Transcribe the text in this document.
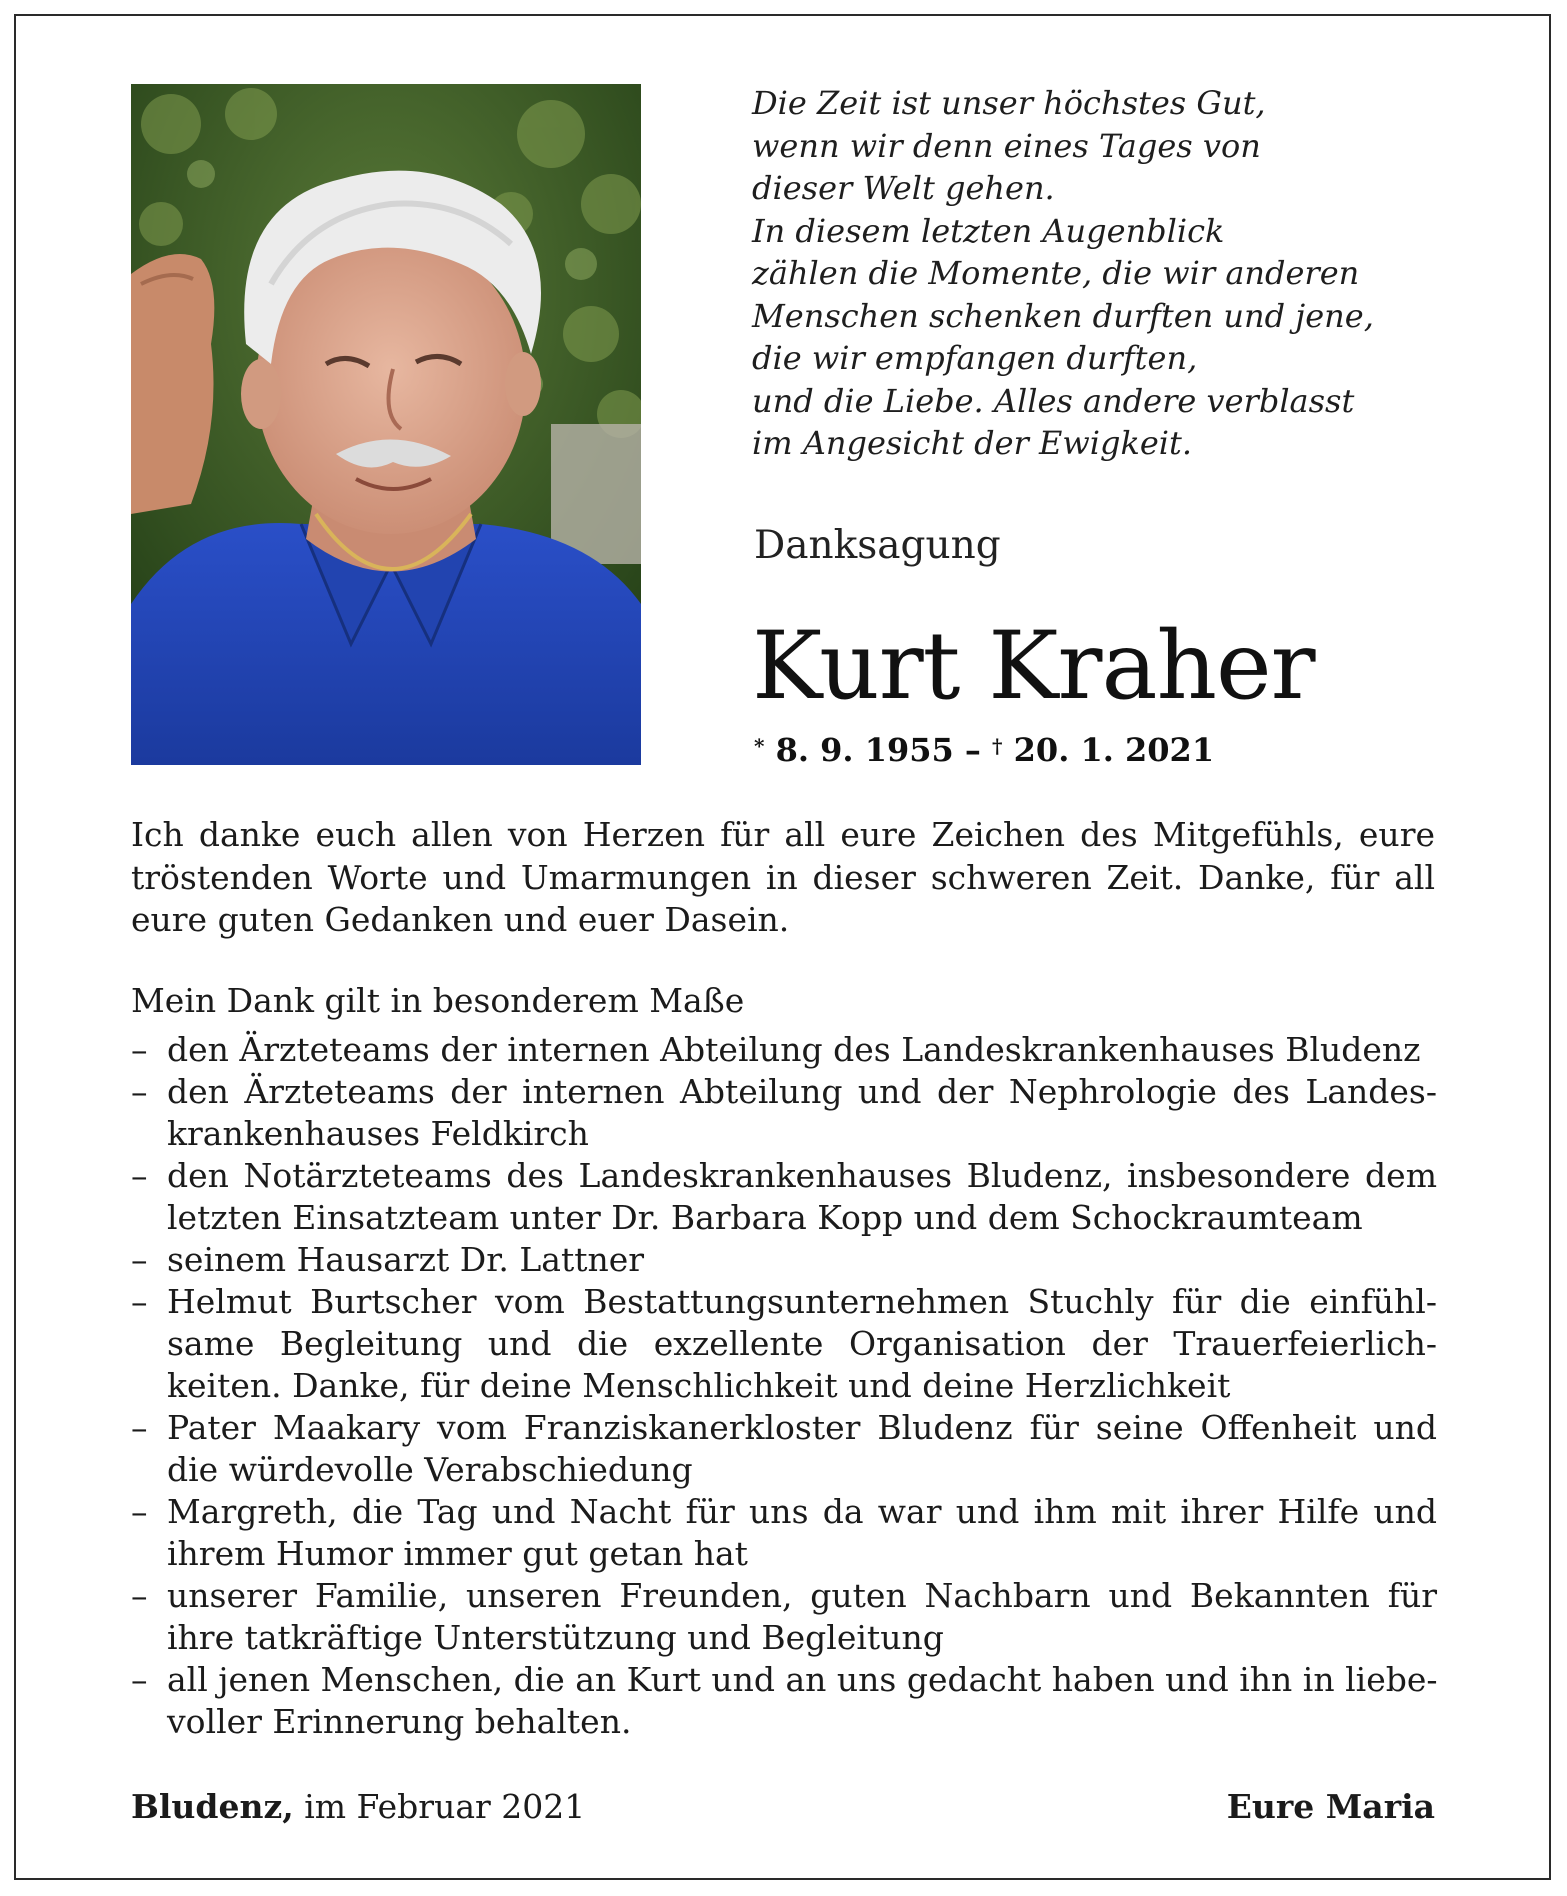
Die Zeit ist unser höchstes Gut,
wenn wir denn eines Tages von
dieser Welt gehen.
In diesem letzten Augenblick
zählen die Momente, die wir anderen
Menschen schenken durften und jene,
die wir empfangen durften,
und die Liebe. Alles andere verblasst
im Angesicht der Ewigkeit.
Danksagung
Kurt Kraher
* 8. 9. 1955 – † 20. 1. 2021
Ich danke euch allen von Herzen für all eure Zeichen des Mitgefühls, eure
tröstenden Worte und Umarmungen in dieser schweren Zeit. Danke, für all
eure guten Gedanken und euer Dasein.
Mein Dank gilt in besonderem Maße
– den Ärzteteams der internen Abteilung des Landeskrankenhauses Bludenz
– den Ärzteteams der internen Abteilung und der Nephrologie des Landes-
krankenhauses Feldkirch
– den Notärzteteams des Landeskrankenhauses Bludenz, insbesondere dem
letzten Einsatzteam unter Dr. Barbara Kopp und dem Schockraumteam
– seinem Hausarzt Dr. Lattner
– Helmut Burtscher vom Bestattungsunternehmen Stuchly für die einfühl-
same Begleitung und die exzellente Organisation der Trauerfeierlich-
keiten. Danke, für deine Menschlichkeit und deine Herzlichkeit
– Pater Maakary vom Franziskanerkloster Bludenz für seine Offenheit und
die würdevolle Verabschiedung
– Margreth, die Tag und Nacht für uns da war und ihm mit ihrer Hilfe und
ihrem Humor immer gut getan hat
– unserer Familie, unseren Freunden, guten Nachbarn und Bekannten für
ihre tatkräftige Unterstützung und Begleitung
– all jenen Menschen, die an Kurt und an uns gedacht haben und ihn in liebe-
voller Erinnerung behalten.
Bludenz, im Februar 2021	Eure Maria
